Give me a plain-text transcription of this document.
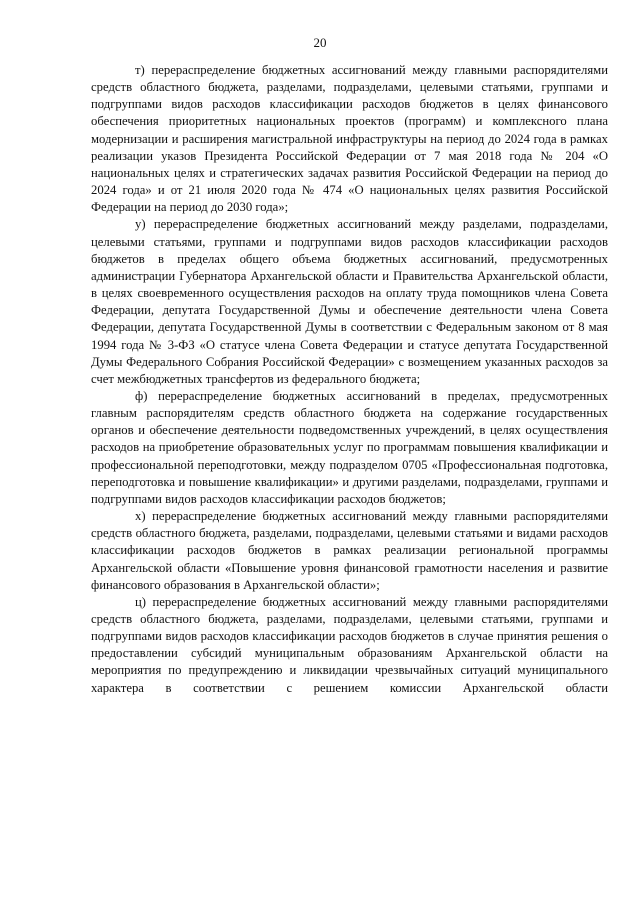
20

т) перераспределение бюджетных ассигнований между главными распорядителями средств областного бюджета, разделами, подразделами, целевыми статьями, группами и подгруппами видов расходов классификации расходов бюджетов в целях финансового обеспечения приоритетных национальных проектов (программ) и комплексного плана модернизации и расширения магистральной инфраструктуры на период до 2024 года в рамках реализации указов Президента Российской Федерации от 7 мая 2018 года № 204 «О национальных целях и стратегических задачах развития Российской Федерации на период до 2024 года» и от 21 июля 2020 года № 474 «О национальных целях развития Российской Федерации на период до 2030 года»;

у) перераспределение бюджетных ассигнований между разделами, подразделами, целевыми статьями, группами и подгруппами видов расходов классификации расходов бюджетов в пределах общего объема бюджетных ассигнований, предусмотренных администрации Губернатора Архангельской области и Правительства Архангельской области, в целях своевременного осуществления расходов на оплату труда помощников члена Совета Федерации, депутата Государственной Думы и обеспечение деятельности члена Совета Федерации, депутата Государственной Думы в соответствии с Федеральным законом от 8 мая 1994 года № 3-ФЗ «О статусе члена Совета Федерации и статусе депутата Государственной Думы Федерального Собрания Российской Федерации» с возмещением указанных расходов за счет межбюджетных трансфертов из федерального бюджета;

ф) перераспределение бюджетных ассигнований в пределах, предусмотренных главным распорядителям средств областного бюджета на содержание государственных органов и обеспечение деятельности подведомственных учреждений, в целях осуществления расходов на приобретение образовательных услуг по программам повышения квалификации и профессиональной переподготовки, между подразделом 0705 «Профессиональная подготовка, переподготовка и повышение квалификации» и другими разделами, подразделами, группами и подгруппами видов расходов классификации расходов бюджетов;

х) перераспределение бюджетных ассигнований между главными распорядителями средств областного бюджета, разделами, подразделами, целевыми статьями и видами расходов классификации расходов бюджетов в рамках реализации региональной программы Архангельской области «Повышение уровня финансовой грамотности населения и развитие финансового образования в Архангельской области»;

ц) перераспределение бюджетных ассигнований между главными распорядителями средств областного бюджета, разделами, подразделами, целевыми статьями, группами и подгруппами видов расходов классификации расходов бюджетов в случае принятия решения о предоставлении субсидий муниципальным образованиям Архангельской области на мероприятия по предупреждению и ликвидации чрезвычайных ситуаций муниципального характера в соответствии с решением комиссии Архангельской области
